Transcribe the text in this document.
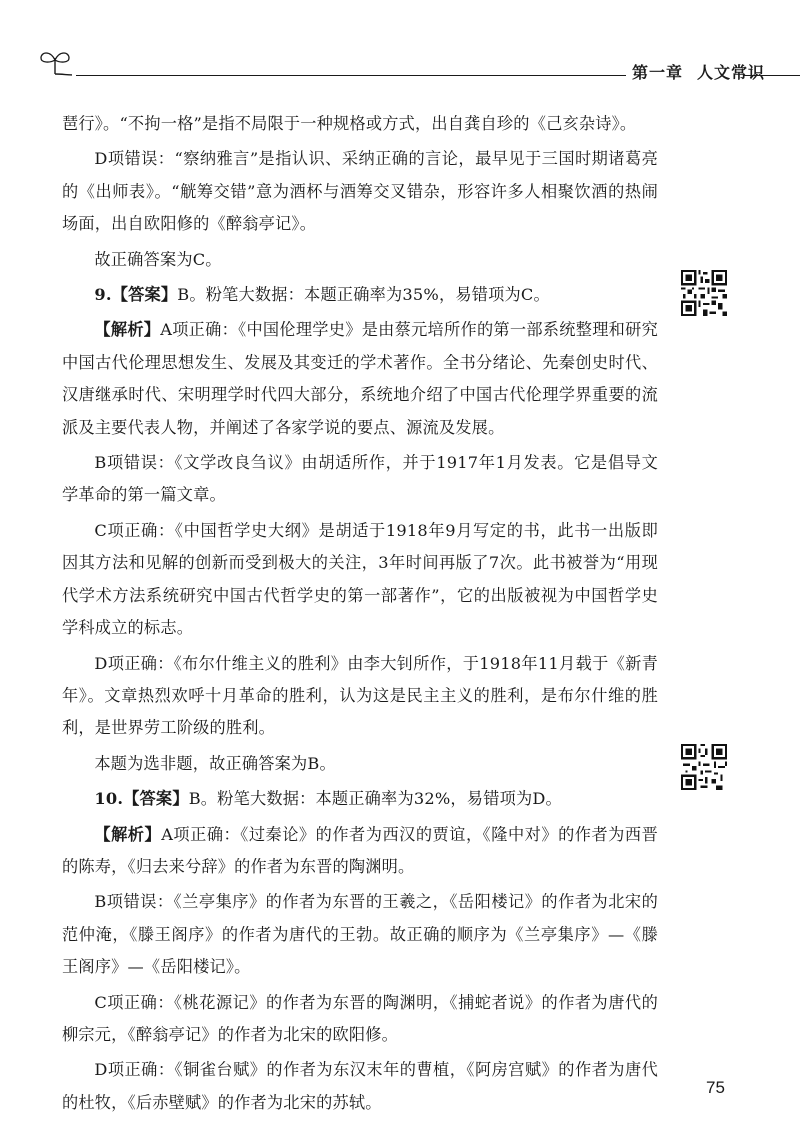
第一章 人文常识

琶行》。“不拘一格”是指不局限于一种规格或方式，出自龚自珍的《己亥杂诗》。

D项错误：“察纳雅言”是指认识、采纳正确的言论，最早见于三国时期诸葛亮的《出师表》。“觥筹交错”意为酒杯与酒筹交叉错杂，形容许多人相聚饮酒的热闹场面，出自欧阳修的《醉翁亭记》。

故正确答案为C。

9.【答案】B。粉笔大数据：本题正确率为35%，易错项为C。

【解析】A项正确：《中国伦理学史》是由蔡元培所作的第一部系统整理和研究中国古代伦理思想发生、发展及其变迁的学术著作。全书分绪论、先秦创史时代、汉唐继承时代、宋明理学时代四大部分，系统地介绍了中国古代伦理学界重要的流派及主要代表人物，并阐述了各家学说的要点、源流及发展。

B项错误：《文学改良刍议》由胡适所作，并于1917年1月发表。它是倡导文学革命的第一篇文章。

C项正确：《中国哲学史大纲》是胡适于1918年9月写定的书，此书一出版即因其方法和见解的创新而受到极大的关注，3年时间再版了7次。此书被誉为“用现代学术方法系统研究中国古代哲学史的第一部著作”，它的出版被视为中国哲学史学科成立的标志。

D项正确：《布尔什维主义的胜利》由李大钊所作，于1918年11月载于《新青年》。文章热烈欢呼十月革命的胜利，认为这是民主主义的胜利，是布尔什维的胜利，是世界劳工阶级的胜利。

本题为选非题，故正确答案为B。

10.【答案】B。粉笔大数据：本题正确率为32%，易错项为D。

【解析】A项正确：《过秦论》的作者为西汉的贾谊，《隆中对》的作者为西晋的陈寿，《归去来兮辞》的作者为东晋的陶渊明。

B项错误：《兰亭集序》的作者为东晋的王羲之，《岳阳楼记》的作者为北宋的范仲淹，《滕王阁序》的作者为唐代的王勃。故正确的顺序为《兰亭集序》—《滕王阁序》—《岳阳楼记》。

C项正确：《桃花源记》的作者为东晋的陶渊明，《捕蛇者说》的作者为唐代的柳宗元，《醉翁亭记》的作者为北宋的欧阳修。

D项正确：《铜雀台赋》的作者为东汉末年的曹植，《阿房宫赋》的作者为唐代的杜牧，《后赤壁赋》的作者为北宋的苏轼。

75
